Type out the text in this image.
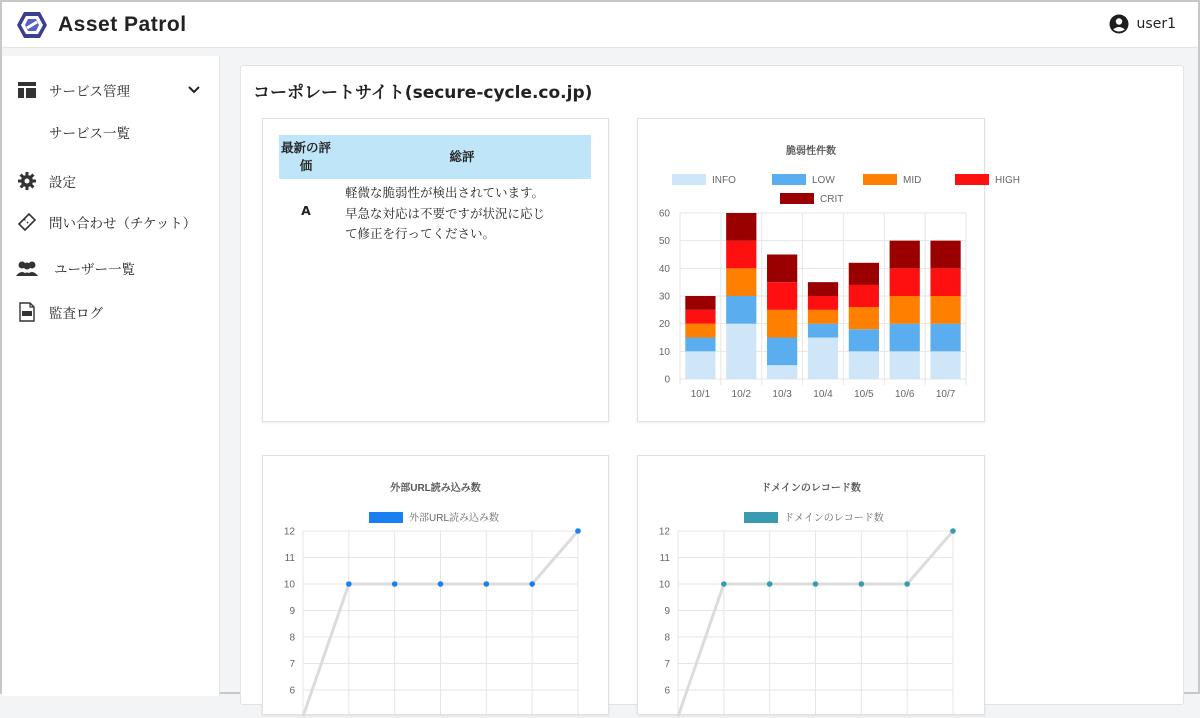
Asset Patrol	user1
サービス管理
サービス一覧
設定
問い合わせ（チケット）
ユーザー一覧
監査ログ
コーポレートサイト(secure-cycle.co.jp)
最新の評価	総評
A	軽微な脆弱性が検出されています。
早急な対応は不要ですが状況に応じ
て修正を行ってください。
脆弱性件数
INFO	LOW	MID	HIGH
CRIT
0
10
20
30
40
50
60
10/1 10/2 10/3 10/4 10/5 10/6 10/7
外部URL読み込み数
外部URL読み込み数
6
7
8
9
10
11
12
ドメインのレコード数
ドメインのレコード数
6
7
8
9
10
11
12
